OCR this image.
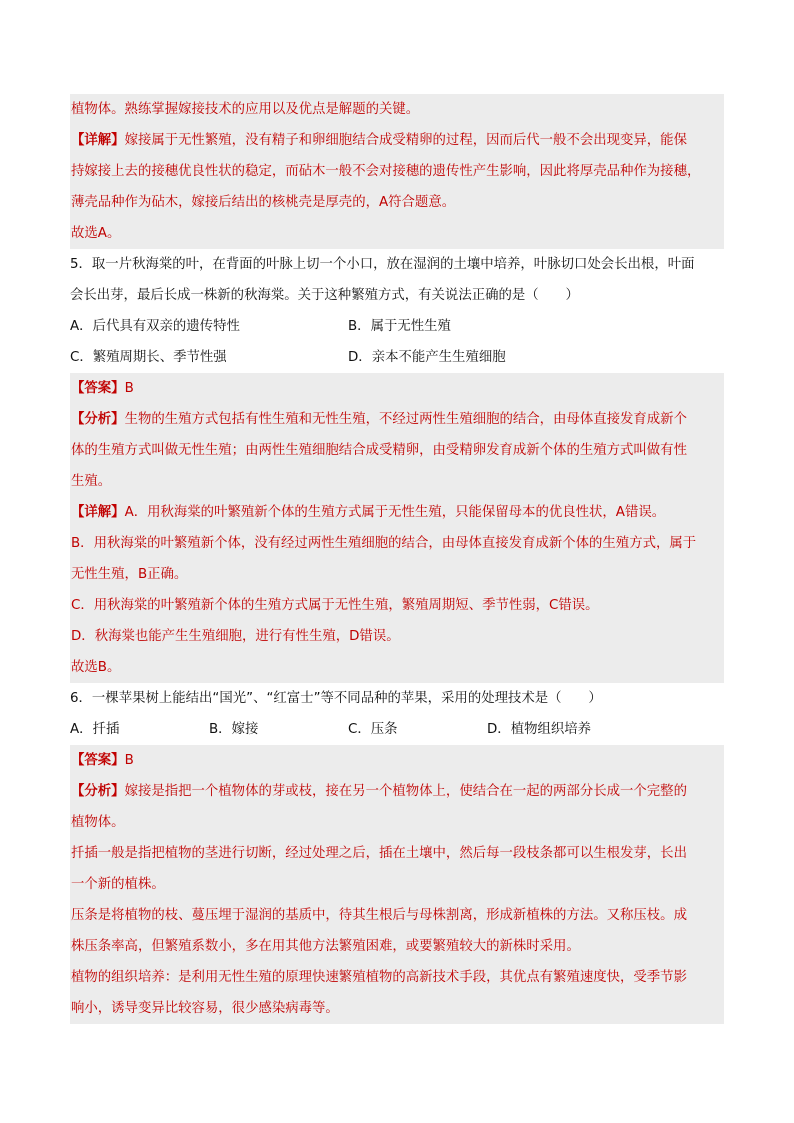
植物体。熟练掌握嫁接技术的应用以及优点是解题的关键。
【详解】嫁接属于无性繁殖，没有精子和卵细胞结合成受精卵的过程，因而后代一般不会出现变异，能保
持嫁接上去的接穗优良性状的稳定，而砧木一般不会对接穗的遗传性产生影响，因此将厚壳品种作为接穗，
薄壳品种作为砧木，嫁接后结出的核桃壳是厚壳的，A符合题意。
故选A。
5．取一片秋海棠的叶，在背面的叶脉上切一个小口，放在湿润的土壤中培养，叶脉切口处会长出根，叶面
会长出芽，最后长成一株新的秋海棠。关于这种繁殖方式，有关说法正确的是（　　）
A．后代具有双亲的遗传特性	B．属于无性生殖
C．繁殖周期长、季节性强	D．亲本不能产生生殖细胞
【答案】B
【分析】生物的生殖方式包括有性生殖和无性生殖，不经过两性生殖细胞的结合，由母体直接发育成新个
体的生殖方式叫做无性生殖；由两性生殖细胞结合成受精卵，由受精卵发育成新个体的生殖方式叫做有性
生殖。
【详解】A．用秋海棠的叶繁殖新个体的生殖方式属于无性生殖，只能保留母本的优良性状，A错误。
B．用秋海棠的叶繁殖新个体，没有经过两性生殖细胞的结合，由母体直接发育成新个体的生殖方式，属于
无性生殖，B正确。
C．用秋海棠的叶繁殖新个体的生殖方式属于无性生殖，繁殖周期短、季节性弱，C错误。
D．秋海棠也能产生生殖细胞，进行有性生殖，D错误。
故选B。
6．一棵苹果树上能结出“国光”、“红富士”等不同品种的苹果，采用的处理技术是（　　）
A．扦插	B．嫁接	C．压条	D．植物组织培养
【答案】B
【分析】嫁接是指把一个植物体的芽或枝，接在另一个植物体上，使结合在一起的两部分长成一个完整的
植物体。
扦插一般是指把植物的茎进行切断，经过处理之后，插在土壤中，然后每一段枝条都可以生根发芽，长出
一个新的植株。
压条是将植物的枝、蔓压埋于湿润的基质中，待其生根后与母株割离，形成新植株的方法。又称压枝。成
株压条率高，但繁殖系数小，多在用其他方法繁殖困难，或要繁殖较大的新株时采用。
植物的组织培养：是利用无性生殖的原理快速繁殖植物的高新技术手段，其优点有繁殖速度快，受季节影
响小，诱导变异比较容易，很少感染病毒等。
